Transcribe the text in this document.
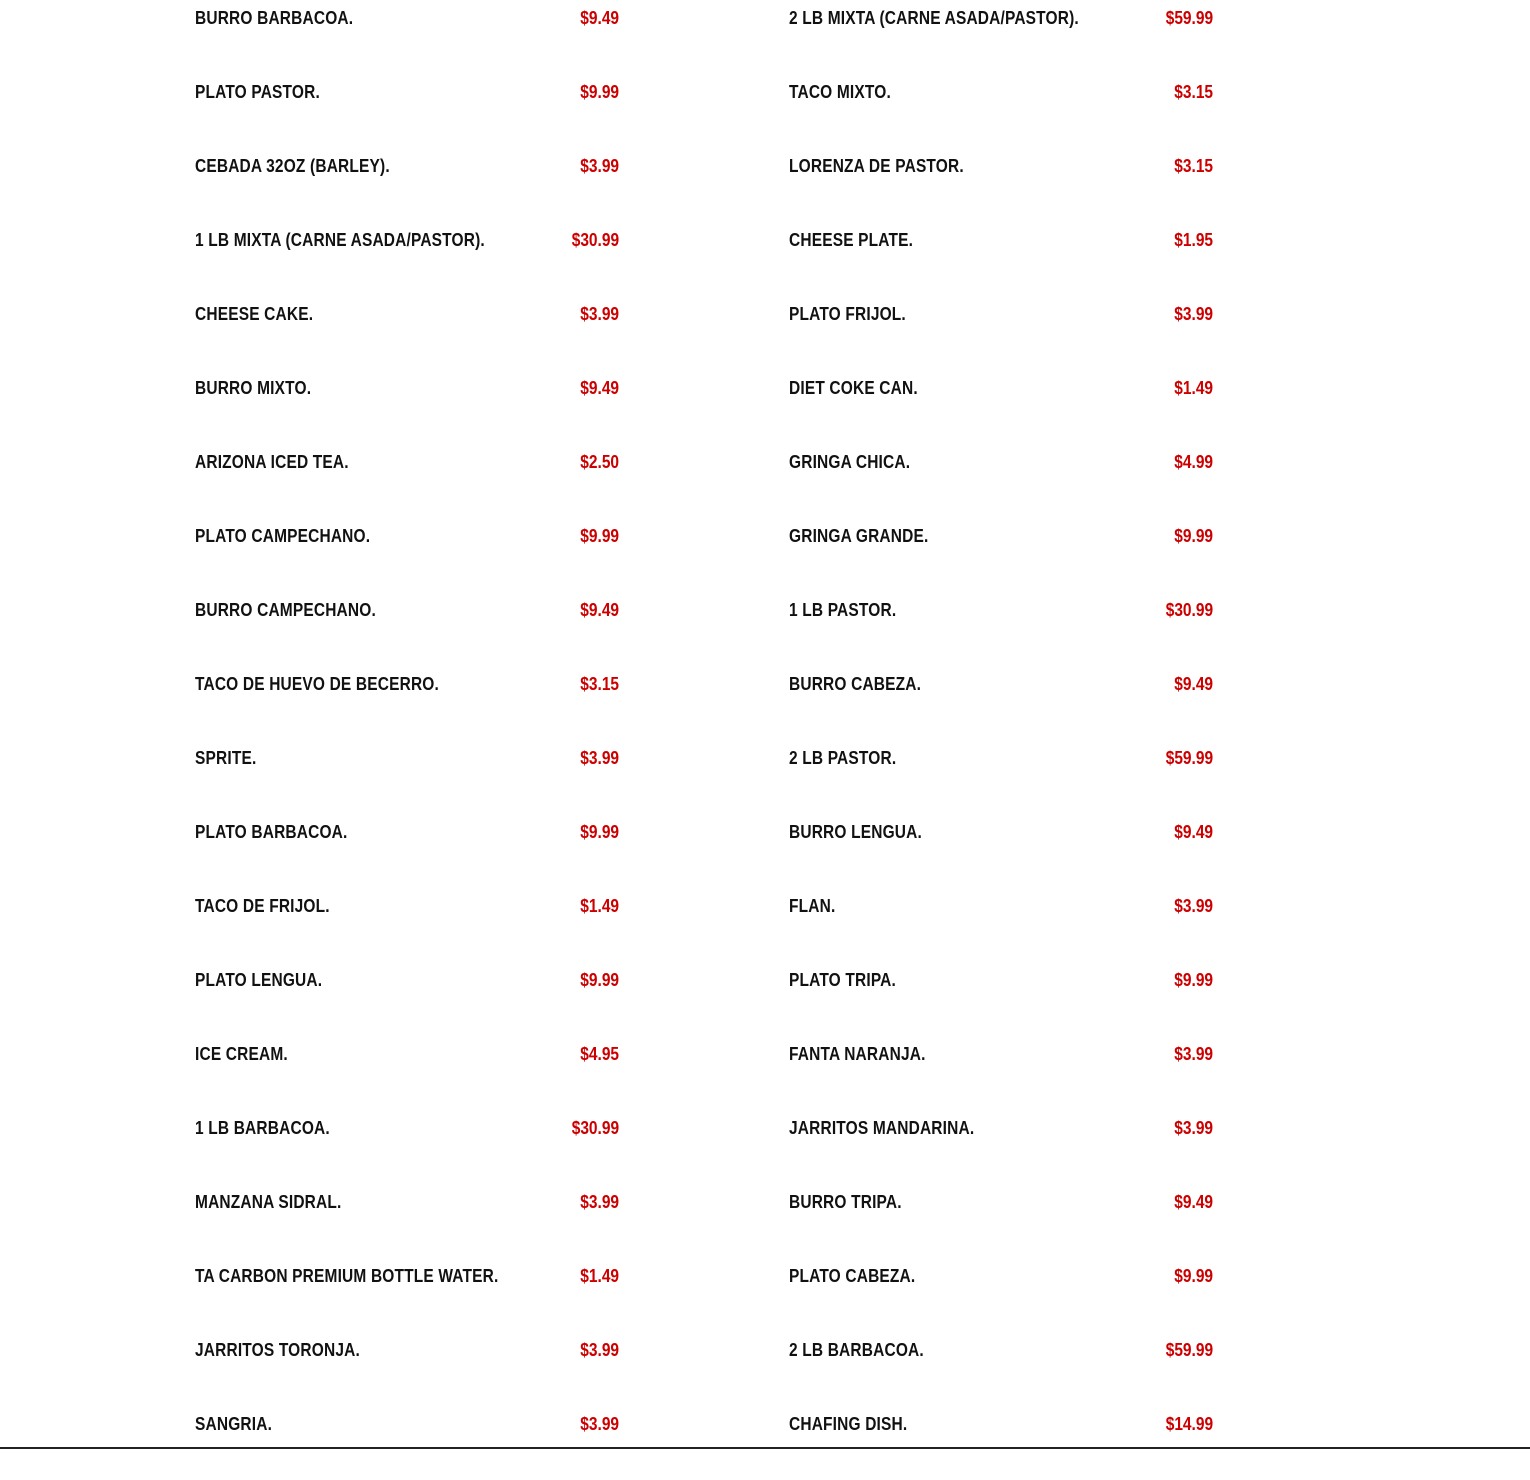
BURRO BARBACOA.	$9.49
PLATO PASTOR.	$9.99
CEBADA 32OZ (BARLEY).	$3.99
1 LB MIXTA (CARNE ASADA/PASTOR).	$30.99
CHEESE CAKE.	$3.99
BURRO MIXTO.	$9.49
ARIZONA ICED TEA.	$2.50
PLATO CAMPECHANO.	$9.99
BURRO CAMPECHANO.	$9.49
TACO DE HUEVO DE BECERRO.	$3.15
SPRITE.	$3.99
PLATO BARBACOA.	$9.99
TACO DE FRIJOL.	$1.49
PLATO LENGUA.	$9.99
ICE CREAM.	$4.95
1 LB BARBACOA.	$30.99
MANZANA SIDRAL.	$3.99
TA CARBON PREMIUM BOTTLE WATER.	$1.49
JARRITOS TORONJA.	$3.99
SANGRIA.	$3.99
2 LB MIXTA (CARNE ASADA/PASTOR).	$59.99
TACO MIXTO.	$3.15
LORENZA DE PASTOR.	$3.15
CHEESE PLATE.	$1.95
PLATO FRIJOL.	$3.99
DIET COKE CAN.	$1.49
GRINGA CHICA.	$4.99
GRINGA GRANDE.	$9.99
1 LB PASTOR.	$30.99
BURRO CABEZA.	$9.49
2 LB PASTOR.	$59.99
BURRO LENGUA.	$9.49
FLAN.	$3.99
PLATO TRIPA.	$9.99
FANTA NARANJA.	$3.99
JARRITOS MANDARINA.	$3.99
BURRO TRIPA.	$9.49
PLATO CABEZA.	$9.99
2 LB BARBACOA.	$59.99
CHAFING DISH.	$14.99
